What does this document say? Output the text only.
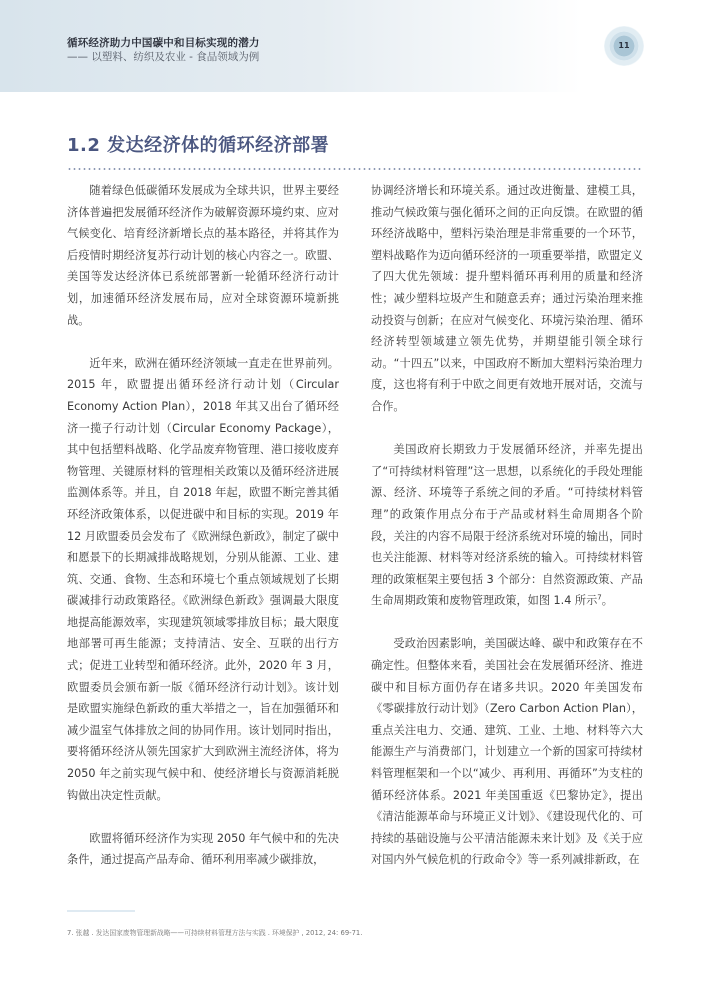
循环经济助力中国碳中和目标实现的潜力
—— 以塑料、纺织及农业 - 食品领域为例
11
1.2 发达经济体的循环经济部署

随着绿色低碳循环发展成为全球共识，世界主要经济体普遍把发展循环经济作为破解资源环境约束、应对气候变化、培育经济新增长点的基本路径，并将其作为后疫情时期经济复苏行动计划的核心内容之一。欧盟、美国等发达经济体已系统部署新一轮循环经济行动计划，加速循环经济发展布局，应对全球资源环境新挑战。

近年来，欧洲在循环经济领域一直走在世界前列。2015 年，欧盟提出循环经济行动计划（Circular Economy Action Plan），2018 年其又出台了循环经济一揽子行动计划（Circular Economy Package），其中包括塑料战略、化学品废弃物管理、港口接收废弃物管理、关键原材料的管理相关政策以及循环经济进展监测体系等。并且，自 2018 年起，欧盟不断完善其循环经济政策体系，以促进碳中和目标的实现。2019 年 12 月欧盟委员会发布了《欧洲绿色新政》，制定了碳中和愿景下的长期减排战略规划，分别从能源、工业、建筑、交通、食物、生态和环境七个重点领域规划了长期碳减排行动政策路径。《欧洲绿色新政》强调最大限度地提高能源效率，实现建筑领域零排放目标；最大限度地部署可再生能源；支持清洁、安全、互联的出行方式；促进工业转型和循环经济。此外，2020 年 3 月，欧盟委员会颁布新一版《循环经济行动计划》。该计划是欧盟实施绿色新政的重大举措之一，旨在加强循环和减少温室气体排放之间的协同作用。该计划同时指出，要将循环经济从领先国家扩大到欧洲主流经济体，将为 2050 年之前实现气候中和、使经济增长与资源消耗脱钩做出决定性贡献。

欧盟将循环经济作为实现 2050 年气候中和的先决条件，通过提高产品寿命、循环利用率减少碳排放，

协调经济增长和环境关系。通过改进衡量、建模工具，推动气候政策与强化循环之间的正向反馈。在欧盟的循环经济战略中，塑料污染治理是非常重要的一个环节，塑料战略作为迈向循环经济的一项重要举措，欧盟定义了四大优先领域：提升塑料循环再利用的质量和经济性；减少塑料垃圾产生和随意丢弃；通过污染治理来推动投资与创新；在应对气候变化、环境污染治理、循环经济转型领域建立领先优势，并期望能引领全球行动。“十四五”以来，中国政府不断加大塑料污染治理力度，这也将有利于中欧之间更有效地开展对话，交流与合作。

美国政府长期致力于发展循环经济，并率先提出了“可持续材料管理”这一思想，以系统化的手段处理能源、经济、环境等子系统之间的矛盾。“可持续材料管理”的政策作用点分布于产品或材料生命周期各个阶段，关注的内容不局限于经济系统对环境的输出，同时也关注能源、材料等对经济系统的输入。可持续材料管理的政策框架主要包括 3 个部分：自然资源政策、产品生命周期政策和废物管理政策，如图 1.4 所示$^7$。

受政治因素影响，美国碳达峰、碳中和政策存在不确定性。但整体来看，美国社会在发展循环经济、推进碳中和目标方面仍存在诸多共识。2020 年美国发布《零碳排放行动计划》（Zero Carbon Action Plan），重点关注电力、交通、建筑、工业、土地、材料等六大能源生产与消费部门，计划建立一个新的国家可持续材料管理框架和一个以“减少、再利用、再循环”为支柱的循环经济体系。2021 年美国重返《巴黎协定》，提出《清洁能源革命与环境正义计划》、《建设现代化的、可持续的基础设施与公平清洁能源未来计划》及《关于应对国内外气候危机的行政命令》等一系列减排新政，在

7. 张越 . 发达国家废物管理新战略——可持续材料管理方法与实践 . 环境保护 , 2012, 24: 69-71.
